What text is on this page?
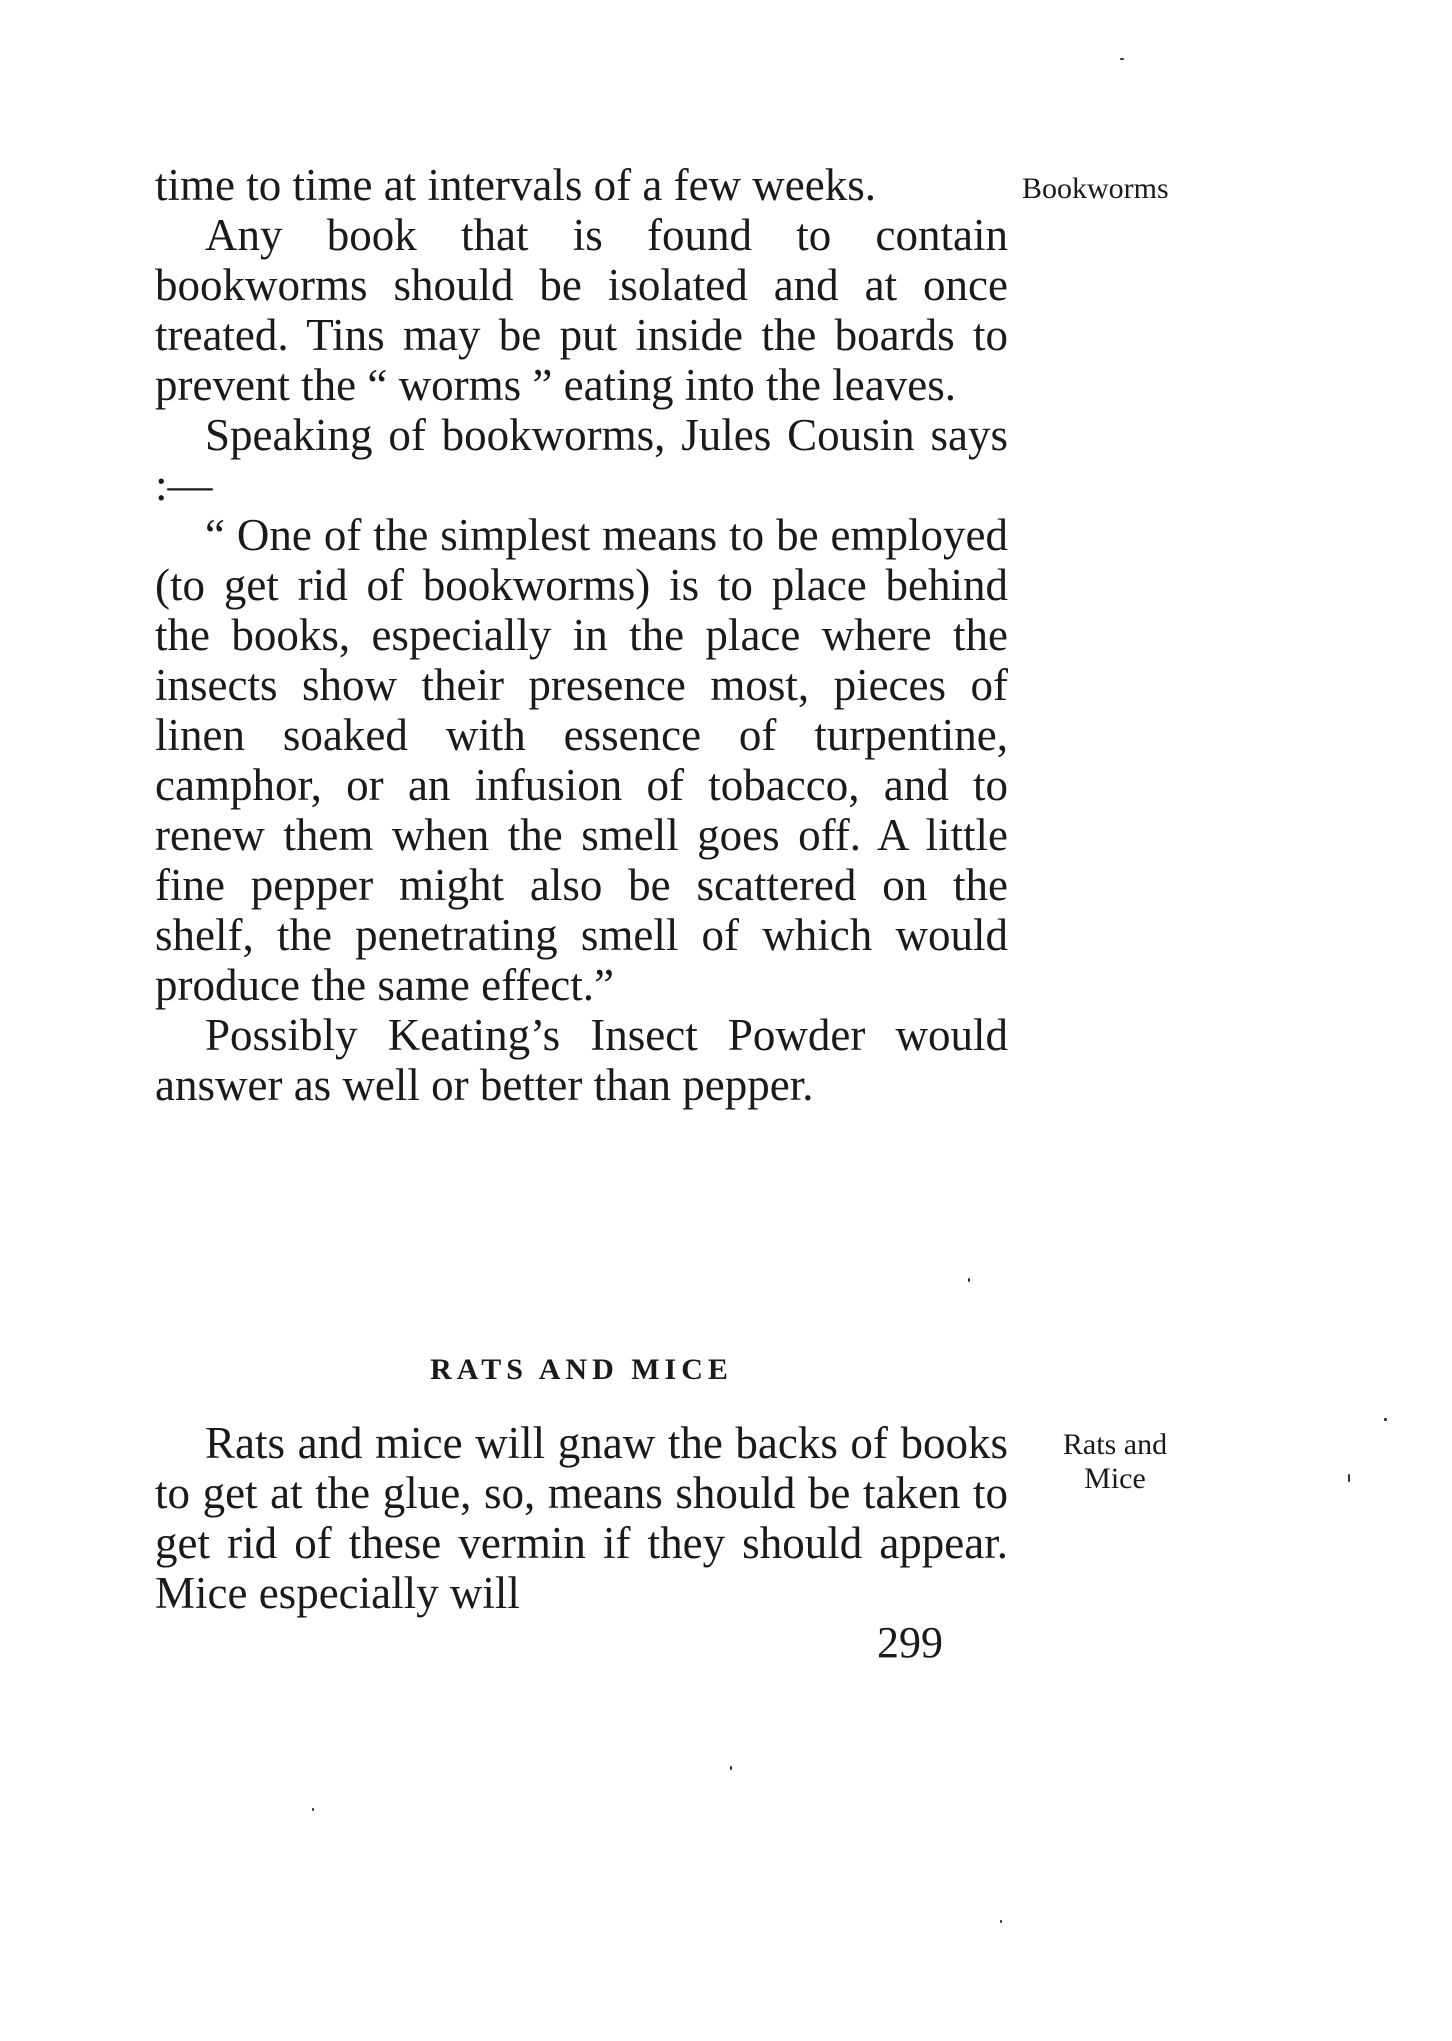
time to time at intervals of a few weeks.

Any book that is found to contain bookworms should be isolated and at once treated. Tins may be put inside the boards to prevent the “ worms ” eating into the leaves.

Speaking of bookworms, Jules Cousin says :—

“ One of the simplest means to be employed (to get rid of bookworms) is to place behind the books, especially in the place where the insects show their presence most, pieces of linen soaked with essence of turpentine, camphor, or an infusion of tobacco, and to renew them when the smell goes off. A little fine pepper might also be scattered on the shelf, the penetrating smell of which would produce the same effect.”

Possibly Keating’s Insect Powder would answer as well or better than pepper.

Bookworms
RATS AND MICE

Rats and mice will gnaw the backs of books to get at the glue, so, means should be taken to get rid of these vermin if they should appear. Mice especially will

Rats and
Mice

299
